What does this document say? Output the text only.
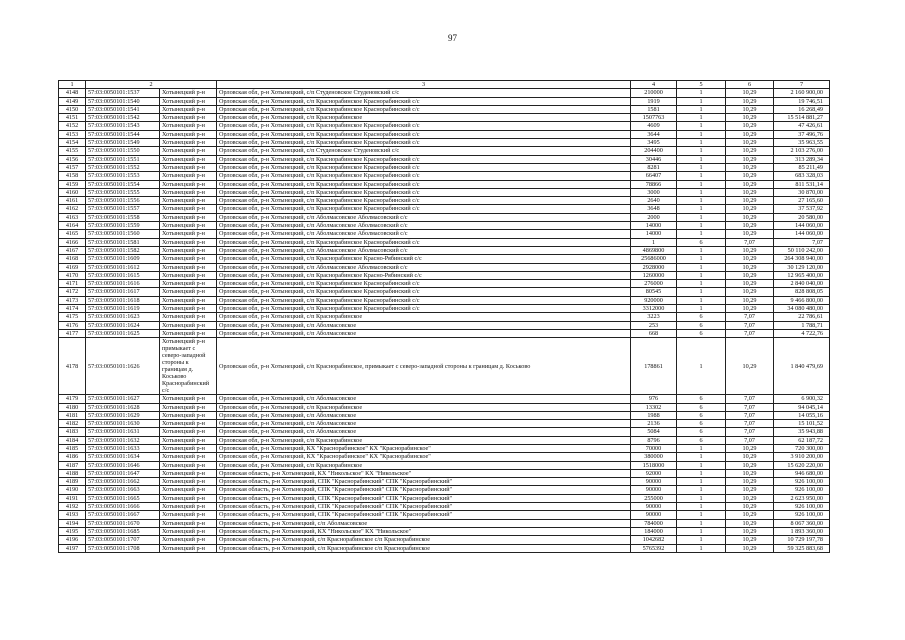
97
1	2		3	4	5	6	7
4148	57:03:0050101:1537	Хотынецкий р-н	Орловская обл, р-н Хотынецкий, с/п Студеновское Студеновский с/с	210000	1	10,29	2 160 900,00
4149	57:03:0050101:1540	Хотынецкий р-н	Орловская обл, р-н Хотынецкий, с/п Краснорабинское Краснорабинский с/с	1919	1	10,29	19 746,51
4150	57:03:0050101:1541	Хотынецкий р-н	Орловская обл, р-н Хотынецкий, с/п Краснорабинское Краснорабинский с/с	1581	1	10,29	16 268,49
4151	57:03:0050101:1542	Хотынецкий р-н	Орловская обл, р-н Хотынецкий, с/п Краснорабинское	1507763	1	10,29	15 514 881,27
4152	57:03:0050101:1543	Хотынецкий р-н	Орловская обл, р-н Хотынецкий, с/п Краснорабинское Краснорабинский с/с	4609	1	10,29	47 426,61
4153	57:03:0050101:1544	Хотынецкий р-н	Орловская обл, р-н Хотынецкий, с/п Краснорабинское Краснорабинский с/с	3644	1	10,29	37 496,76
4154	57:03:0050101:1549	Хотынецкий р-н	Орловская обл, р-н Хотынецкий, с/п Краснорабинское Краснорабинский с/с	3495	1	10,29	35 963,55
4155	57:03:0050101:1550	Хотынецкий р-н	Орловская обл, р-н Хотынецкий, с/п Студеновское Студеновский с/с	204400	1	10,29	2 103 276,00
4156	57:03:0050101:1551	Хотынецкий р-н	Орловская обл, р-н Хотынецкий, с/п Краснорабинское Краснорабинский с/с	30446	1	10,29	313 289,34
4157	57:03:0050101:1552	Хотынецкий р-н	Орловская обл, р-н Хотынецкий, с/п Краснорабинское Краснорабинский с/с	8281	1	10,29	85 211,49
4158	57:03:0050101:1553	Хотынецкий р-н	Орловская обл, р-н Хотынецкий, с/п Краснорабинское Краснорабинский с/с	66407	1	10,29	683 328,03
4159	57:03:0050101:1554	Хотынецкий р-н	Орловская обл, р-н Хотынецкий, с/п Краснорабинское Краснорабинский с/с	78866	1	10,29	811 531,14
4160	57:03:0050101:1555	Хотынецкий р-н	Орловская обл, р-н Хотынецкий, с/п Краснорабинское Краснорабинский с/с	3000	1	10,29	30 870,00
4161	57:03:0050101:1556	Хотынецкий р-н	Орловская обл, р-н Хотынецкий, с/п Краснорабинское Краснорабинский с/с	2640	1	10,29	27 165,60
4162	57:03:0050101:1557	Хотынецкий р-н	Орловская обл, р-н Хотынецкий, с/п Краснорабинское Краснорабинский с/с	3648	1	10,29	37 537,92
4163	57:03:0050101:1558	Хотынецкий р-н	Орловская обл, р-н Хотынецкий, с/п Аболмасовское Аболмасовский с/с	2000	1	10,29	20 580,00
4164	57:03:0050101:1559	Хотынецкий р-н	Орловская обл, р-н Хотынецкий, с/п Аболмасовское Аболмасовский с/с	14000	1	10,29	144 060,00
4165	57:03:0050101:1560	Хотынецкий р-н	Орловская обл, р-н Хотынецкий, с/п Аболмасовское Аболмасовский с/с	14000	1	10,29	144 060,00
4166	57:03:0050101:1581	Хотынецкий р-н	Орловская обл, р-н Хотынецкий, с/п Краснорабинское Краснорабинский с/с	1	6	7,07	7,07
4167	57:03:0050101:1582	Хотынецкий р-н	Орловская обл, р-н Хотынецкий, с/п Аболмасовское Аболмасовский с/с	4869800	1	10,29	50 110 242,00
4168	57:03:0050101:1609	Хотынецкий р-н	Орловская обл, р-н Хотынецкий, с/п Краснорабинское Красно-Рябинский с/с	25686000	1	10,29	264 308 940,00
4169	57:03:0050101:1612	Хотынецкий р-н	Орловская обл, р-н Хотынецкий, с/п Аболмасовское Аболмасовский с/с	2928000	1	10,29	30 129 120,00
4170	57:03:0050101:1615	Хотынецкий р-н	Орловская обл, р-н Хотынецкий, с/п Краснорабинское Красно-Рябинский с/с	1260000	1	10,29	12 965 400,00
4171	57:03:0050101:1616	Хотынецкий р-н	Орловская обл, р-н Хотынецкий, с/п Краснорабинское Краснорабинский с/с	276000	1	10,29	2 840 040,00
4172	57:03:0050101:1617	Хотынецкий р-н	Орловская обл, р-н Хотынецкий, с/п Краснорабинское Краснорабинский с/с	80545	1	10,29	828 808,05
4173	57:03:0050101:1618	Хотынецкий р-н	Орловская обл, р-н Хотынецкий, с/п Краснорабинское Краснорабинский с/с	920000	1	10,29	9 466 800,00
4174	57:03:0050101:1619	Хотынецкий р-н	Орловская обл, р-н Хотынецкий, с/п Краснорабинское Краснорабинский с/с	3312000	1	10,29	34 080 480,00
4175	57:03:0050101:1623	Хотынецкий р-н	Орловская обл, р-н Хотынецкий, с/п Краснорабинское	3223	6	7,07	22 786,61
4176	57:03:0050101:1624	Хотынецкий р-н	Орловская обл, р-н Хотынецкий, с/п Аболмасовское	253	6	7,07	1 788,71
4177	57:03:0050101:1625	Хотынецкий р-н	Орловская обл, р-н Хотынецкий, с/п Аболмасовское	668	6	7,07	4 722,76
4178	57:03:0050101:1626	Хотынецкий р-н примыкает с северо-западной стороны к границам д. Коськово Краснорабинский с/с	Орловская обл, р-н Хотынецкий, с/п Краснорабинское, примыкает с северо-западной стороны к границам д. Коськово	178861	1	10,29	1 840 479,69
4179	57:03:0050101:1627	Хотынецкий р-н	Орловская обл, р-н Хотынецкий, с/п Аболмасовское	976	6	7,07	6 900,32
4180	57:03:0050101:1628	Хотынецкий р-н	Орловская обл, р-н Хотынецкий, с/п Краснорабинское	13302	6	7,07	94 045,14
4181	57:03:0050101:1629	Хотынецкий р-н	Орловская обл, р-н Хотынецкий, с/п Аболмасовское	1988	6	7,07	14 055,16
4182	57:03:0050101:1630	Хотынецкий р-н	Орловская обл, р-н Хотынецкий, с/п Аболмасовское	2136	6	7,07	15 101,52
4183	57:03:0050101:1631	Хотынецкий р-н	Орловская обл, р-н Хотынецкий, с/п Аболмасовское	5084	6	7,07	35 943,88
4184	57:03:0050101:1632	Хотынецкий р-н	Орловская обл, р-н Хотынецкий, с/п Краснорабинское	8796	6	7,07	62 187,72
4185	57:03:0050101:1633	Хотынецкий р-н	Орловская обл, р-н Хотынецкий, КХ "Краснорабинское" КХ "Краснорабинское"	70000	1	10,29	720 300,00
4186	57:03:0050101:1634	Хотынецкий р-н	Орловская обл, р-н Хотынецкий, КХ "Краснорабинское" КХ "Краснорабинское"	380000	1	10,29	3 910 200,00
4187	57:03:0050101:1646	Хотынецкий р-н	Орловская обл, р-н Хотынецкий, с/п Краснорабинское	1518000	1	10,29	15 620 220,00
4188	57:03:0050101:1647	Хотынецкий р-н	Орловская область, р-н Хотынецкий, КХ "Никольское" КХ "Никольское"	92000	1	10,29	946 680,00
4189	57:03:0050101:1662	Хотынецкий р-н	Орловская область, р-н Хотынецкий, СПК "Краснорабинский" СПК "Краснорабинский"	90000	1	10,29	926 100,00
4190	57:03:0050101:1663	Хотынецкий р-н	Орловская область, р-н Хотынецкий, СПК "Краснорабинский" СПК "Краснорабинский"	90000	1	10,29	926 100,00
4191	57:03:0050101:1665	Хотынецкий р-н	Орловская область, р-н Хотынецкий, СПК "Краснорабинский" СПК "Краснорабинский"	255000	1	10,29	2 623 950,00
4192	57:03:0050101:1666	Хотынецкий р-н	Орловская область, р-н Хотынецкий, СПК "Краснорабинский" СПК "Краснорабинский"	90000	1	10,29	926 100,00
4193	57:03:0050101:1667	Хотынецкий р-н	Орловская область, р-н Хотынецкий, СПК "Краснорабинский" СПК "Краснорабинский"	90000	1	10,29	926 100,00
4194	57:03:0050101:1670	Хотынецкий р-н	Орловская область, р-н Хотынецкий, с/п Аболмасовское	784000	1	10,29	8 067 360,00
4195	57:03:0050101:1685	Хотынецкий р-н	Орловская область, р-н Хотынецкий, КХ "Никольское" КХ "Никольское"	184000	1	10,29	1 893 360,00
4196	57:03:0050101:1707	Хотынецкий р-н	Орловская область, р-н Хотынецкий, с/п Краснорабинское с/п Краснорабинское	1042682	1	10,29	10 729 197,78
4197	57:03:0050101:1708	Хотынецкий р-н	Орловская область, р-н Хотынецкий, с/п Краснорабинское с/п Краснорабинское	5765392	1	10,29	59 325 883,68
